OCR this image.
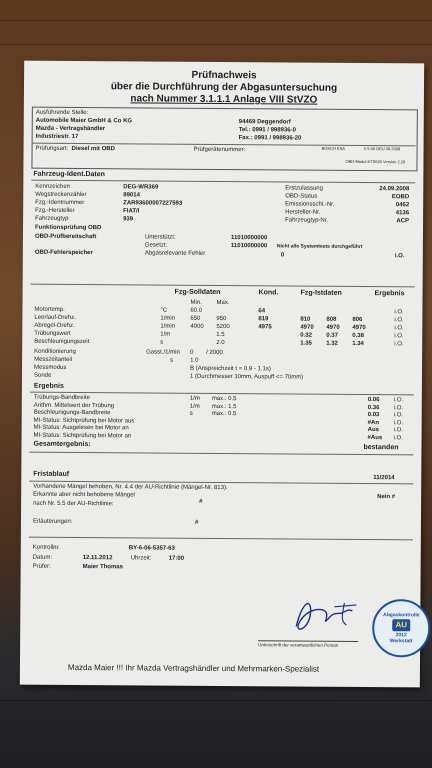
Prüfnachweis
über die Durchführung der Abgasuntersuchung
nach Nummer 3.1.1.1 Anlage VIII StVZO
Ausführende Stelle:
Automobile Maier GmbH & Co KG	94469 Deggendorf
Mazda - Vertragshändler	Tel.: 0991 / 998936-0
Industriestr. 17	Fax.: 0991 / 998936-20
Prüfungsart: Diesel mit OBD	Prüfgerätenummer:	BOSCH ESA	V 5.00 DEU 09.2008
OBD-Modul KTS530 Version 2.29
Fahrzeug-Ident.Daten
Kennzeichen	DEG-WR369
Wegstreckenzähler	89014
Fzg.-Identnummer	ZAR93600007227593
Fzg.-Hersteller	FIAT/I
Fahrzeugtyp	939
Erstzulassung	24.09.2008
OBD-Status	EOBD
Emissionsschl.-Nr.	0462
Hersteller-Nr.	4136
Fahrzeugtyp-Nr.	ACP
Funktionsprüfung OBD
OBD-Prüfbereitschaft	Unterstützt:	11010000000
Gesetzt:	11010000000 Nicht alle Systemtests durchgeführt
OBD-Fehlerspeicher	Abgasrelevante Fehler	0	i.O.
Fzg-Solldaten	Kond.	Fzg-Istdaten	Ergebnis
Min. Max.
Motortemp.	°C	60.0	64	i.O.
Leerlauf-Drehz.	1/min	650	950	819	810	808	806	i.O.
Abregel-Drehz.	1/min	4000 5200	4975	4970 4970 4970	i.O.
Trübungswert	1/m	1.5	0.32 0.37 0.38	i.O.
Beschleunigungszeit	s	2.0	1.35 1.32 1.34	i.O.
Konditionierung	Gasst./1/min 0 / 2000
Messzeitanteil	s	1.0
Messmodus	B (Anspreichzeit t = 0.9 - 1.1s)
Sonde	1 (Durchmesser 10mm, Auspuff <= 70mm)
Ergebnis
Trübungs-Bandbreite	1/m max.: 0.5	0.06 i.O.
Arithm. Mittelwert der Trübung	1/m max.: 1.5	0.36 i.O.
Beschleunigungs-Bandbreite	s	max.: 0.5	0.03 i.O.
MI-Status: Sichtprüfung bei Motor aus	#An i.O.
MI-Status: Ausgelesen bei Motor an	Aus i.O.
MI-Status: Sichtprüfung bei Motor an	#Aus i.O.
Gesamtergebnis:	bestanden
Fristablauf
11/2014
Vorhandene Mängel behoben, Nr. 4.4 der AU-Richtlinie (Mängel-Nr. 813):
Nein #
Erkannte aber nicht behobene Mängel
#
nach Nr. 5.5 der AU-Richtlinie:
Erläuterungen:	#
Kontrollnr.	BY-6-06-5357-63
Datum:	12.11.2012	Uhrzeit:	17:00
Prüfer:	Maier Thomas
Unterschrift der verantwortlichen Person
Abgaskontrolle
AU
2012
Werkstatt
Mazda Maier !!! Ihr Mazda Vertragshändler und Mehrmarken-Spezialist
